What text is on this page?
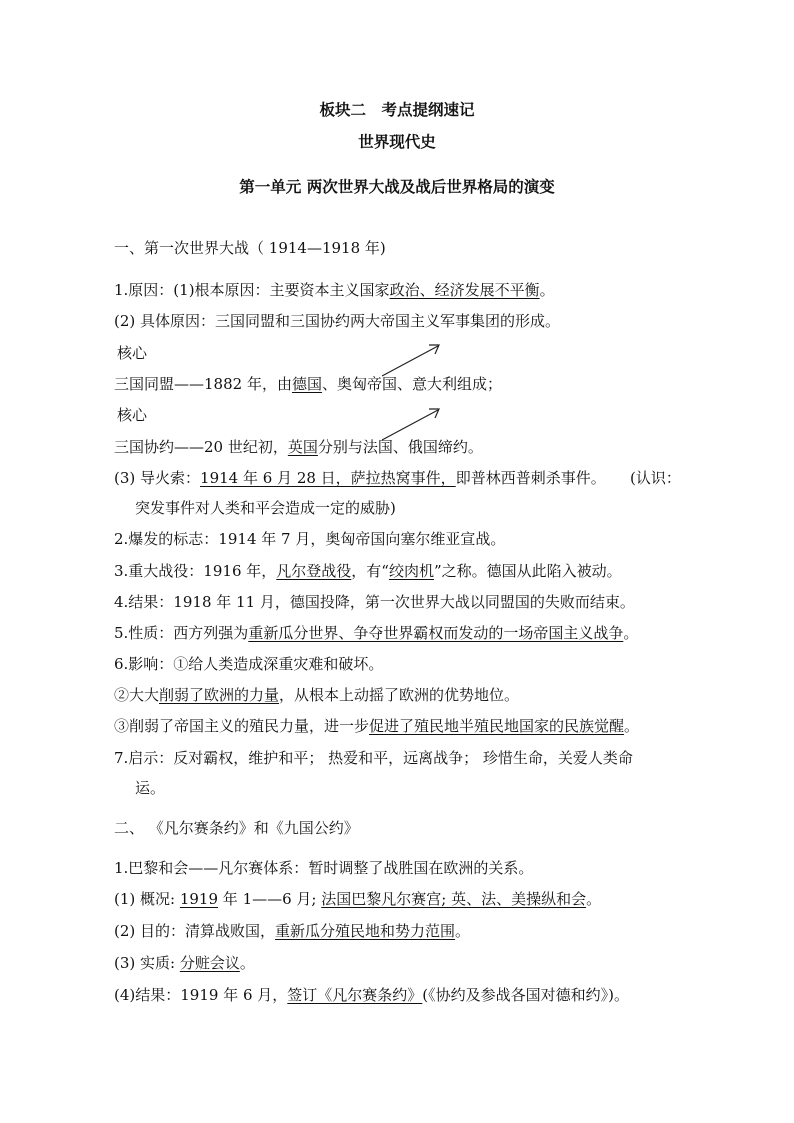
板块二　考点提纲速记
世界现代史
第一单元 两次世界大战及战后世界格局的演变
一、第一次世界大战（ 1914—1918 年)
1.原因：(1)根本原因：主要资本主义国家政治、经济发展不平衡。
(2) 具体原因：三国同盟和三国协约两大帝国主义军事集团的形成。
核心
三国同盟——1882 年，由德国、奥匈帝国、意大利组成；
核心
三国协约——20 世纪初，英国分别与法国、俄国缔约。
(3) 导火索：1914 年 6 月 28 日，萨拉热窝事件，即普林西普刺杀事件。 (认识：
突发事件对人类和平会造成一定的威胁)
2.爆发的标志：1914 年 7 月，奥匈帝国向塞尔维亚宣战。
3.重大战役：1916 年，凡尔登战役，有“绞肉机”之称。德国从此陷入被动。
4.结果：1918 年 11 月，德国投降，第一次世界大战以同盟国的失败而结束。
5.性质：西方列强为重新瓜分世界、争夺世界霸权而发动的一场帝国主义战争。
6.影响：①给人类造成深重灾难和破坏。
②大大削弱了欧洲的力量，从根本上动摇了欧洲的优势地位。
③削弱了帝国主义的殖民力量，进一步促进了殖民地半殖民地国家的民族觉醒。
7.启示：反对霸权，维护和平； 热爱和平，远离战争； 珍惜生命，关爱人类命
运。
二、 《凡尔赛条约》和《九国公约》
1.巴黎和会——凡尔赛体系：暂时调整了战胜国在欧洲的关系。
(1) 概况: 1919 年 1——6 月; 法国巴黎凡尔赛宫; 英、法、美操纵和会。
(2) 目的：清算战败国，重新瓜分殖民地和势力范围。
(3) 实质: 分赃会议。
(4)结果：1919 年 6 月，签订《凡尔赛条约》(《协约及参战各国对德和约》)。
